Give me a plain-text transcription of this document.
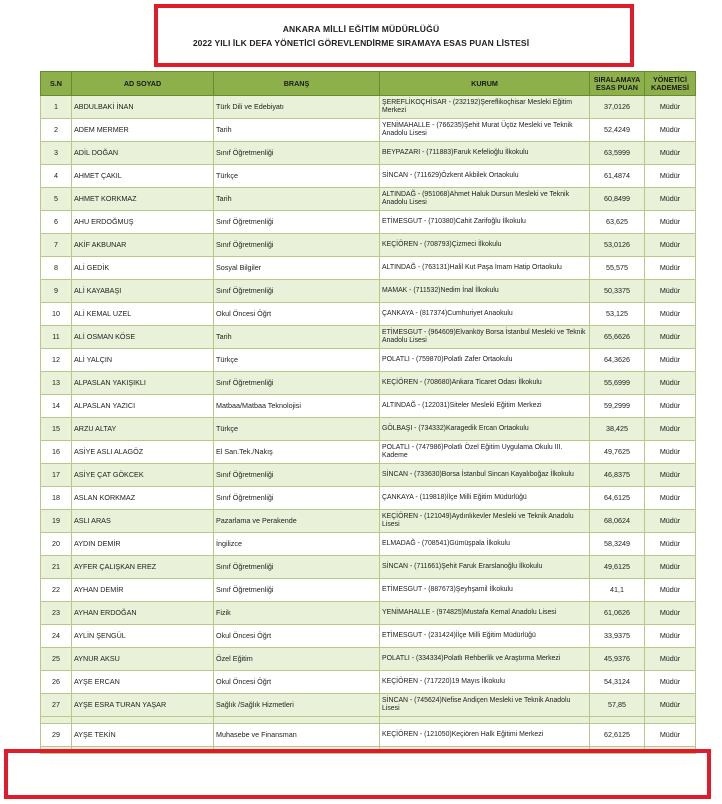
ANKARA MİLLİ EĞİTİM MÜDÜRLÜĞÜ
2022 YILI İLK DEFA YÖNETİCİ GÖREVLENDİRME SIRAMAYA ESAS PUAN LİSTESİ
S.N	AD SOYAD	BRANŞ	KURUM	SIRALAMAYA ESAS PUAN	YÖNETİCİ KADEMESİ
1	ABDULBAKİ İNAN	Türk Dili ve Edebiyatı	ŞEREFLİKOÇHİSAR - (232192)Şereflikoçhisar Mesleki Eğitim Merkezi	37,0126	Müdür
2	ADEM MERMER	Tarih	YENİMAHALLE - (766235)Şehit Murat Üçöz Mesleki ve Teknik Anadolu Lisesi	52,4249	Müdür
3	ADİL DOĞAN	Sınıf Öğretmenliği	BEYPAZARI - (711883)Faruk Kefelioğlu İlkokulu	63,5999	Müdür
4	AHMET ÇAKIL	Türkçe	SİNCAN - (711629)Özkent Akbilek Ortaokulu	61,4874	Müdür
5	AHMET KORKMAZ	Tarih	ALTINDAĞ - (951068)Ahmet Haluk Dursun Mesleki ve Teknik Anadolu Lisesi	60,8499	Müdür
6	AHU ERDOĞMUŞ	Sınıf Öğretmenliği	ETİMESGUT - (710380)Cahit Zarifoğlu İlkokulu	63,625	Müdür
7	AKİF AKBUNAR	Sınıf Öğretmenliği	KEÇİÖREN - (708793)Çizmeci İlkokulu	53,0126	Müdür
8	ALİ GEDİK	Sosyal Bilgiler	ALTINDAĞ - (763131)Halil Kut Paşa İmam Hatip Ortaokulu	55,575	Müdür
9	ALİ KAYABAŞI	Sınıf Öğretmenliği	MAMAK - (711532)Nedim İnal İlkokulu	50,3375	Müdür
10	ALİ KEMAL UZEL	Okul Öncesi Öğrt	ÇANKAYA - (817374)Cumhuriyet Anaokulu	53,125	Müdür
11	ALİ OSMAN KÖSE	Tarih	ETİMESGUT - (964609)Elvanköy Borsa İstanbul Mesleki ve Teknik Anadolu Lisesi	65,6626	Müdür
12	ALİ YALÇIN	Türkçe	POLATLI - (759870)Polatlı Zafer Ortaokulu	64,3626	Müdür
13	ALPASLAN YAKIŞIKLI	Sınıf Öğretmenliği	KEÇİÖREN - (708680)Ankara Ticaret Odası İlkokulu	55,6999	Müdür
14	ALPASLAN YAZICI	Matbaa/Matbaa Teknolojisi	ALTINDAĞ - (122031)Siteler Mesleki Eğitim Merkezi	59,2999	Müdür
15	ARZU ALTAY	Türkçe	GÖLBAŞI - (734332)Karagedik Ercan Ortaokulu	38,425	Müdür
16	ASİYE ASLI ALAGÖZ	El San.Tek./Nakış	POLATLI - (747986)Polatlı Özel Eğitim Uygulama Okulu III. Kademe	49,7625	Müdür
17	ASİYE ÇAT GÖKCEK	Sınıf Öğretmenliği	SİNCAN - (733630)Borsa İstanbul Sincan Kayalıboğaz İlkokulu	46,8375	Müdür
18	ASLAN KORKMAZ	Sınıf Öğretmenliği	ÇANKAYA - (119818)İlçe Milli Eğitim Müdürlüğü	64,6125	Müdür
19	ASLI ARAS	Pazarlama ve Perakende	KEÇİÖREN - (121049)Aydınlıkevler Mesleki ve Teknik Anadolu Lisesi	68,0624	Müdür
20	AYDIN DEMİR	İngilizce	ELMADAĞ - (708541)Gümüşpala İlkokulu	58,3249	Müdür
21	AYFER ÇALIŞKAN EREZ	Sınıf Öğretmenliği	SİNCAN - (711661)Şehit Faruk Erarslanoğlu İlkokulu	49,6125	Müdür
22	AYHAN DEMİR	Sınıf Öğretmenliği	ETİMESGUT - (887673)Şeyhşamil İlkokulu	41,1	Müdür
23	AYHAN ERDOĞAN	Fizik	YENİMAHALLE - (974825)Mustafa Kemal Anadolu Lisesi	61,0626	Müdür
24	AYLİN ŞENGÜL	Okul Öncesi Öğrt	ETİMESGUT - (231424)İlçe Milli Eğitim Müdürlüğü	33,9375	Müdür
25	AYNUR AKSU	Özel Eğitim	POLATLI - (334334)Polatlı Rehberlik ve Araştırma Merkezi	45,9376	Müdür
26	AYŞE ERCAN	Okul Öncesi Öğrt	KEÇİÖREN - (717220)19 Mayıs İlkokulu	54,3124	Müdür
27	AYŞE ESRA TURAN YAŞAR	Sağlık /Sağlık Hizmetleri	SİNCAN - (745624)Nefise Andiçen Mesleki ve Teknik Anadolu Lisesi	57,85	Müdür

29	AYŞE TEKİN	Muhasebe ve Finansman	KEÇİÖREN - (121050)Keçiören Halk Eğitimi Merkezi	62,6125	Müdür
